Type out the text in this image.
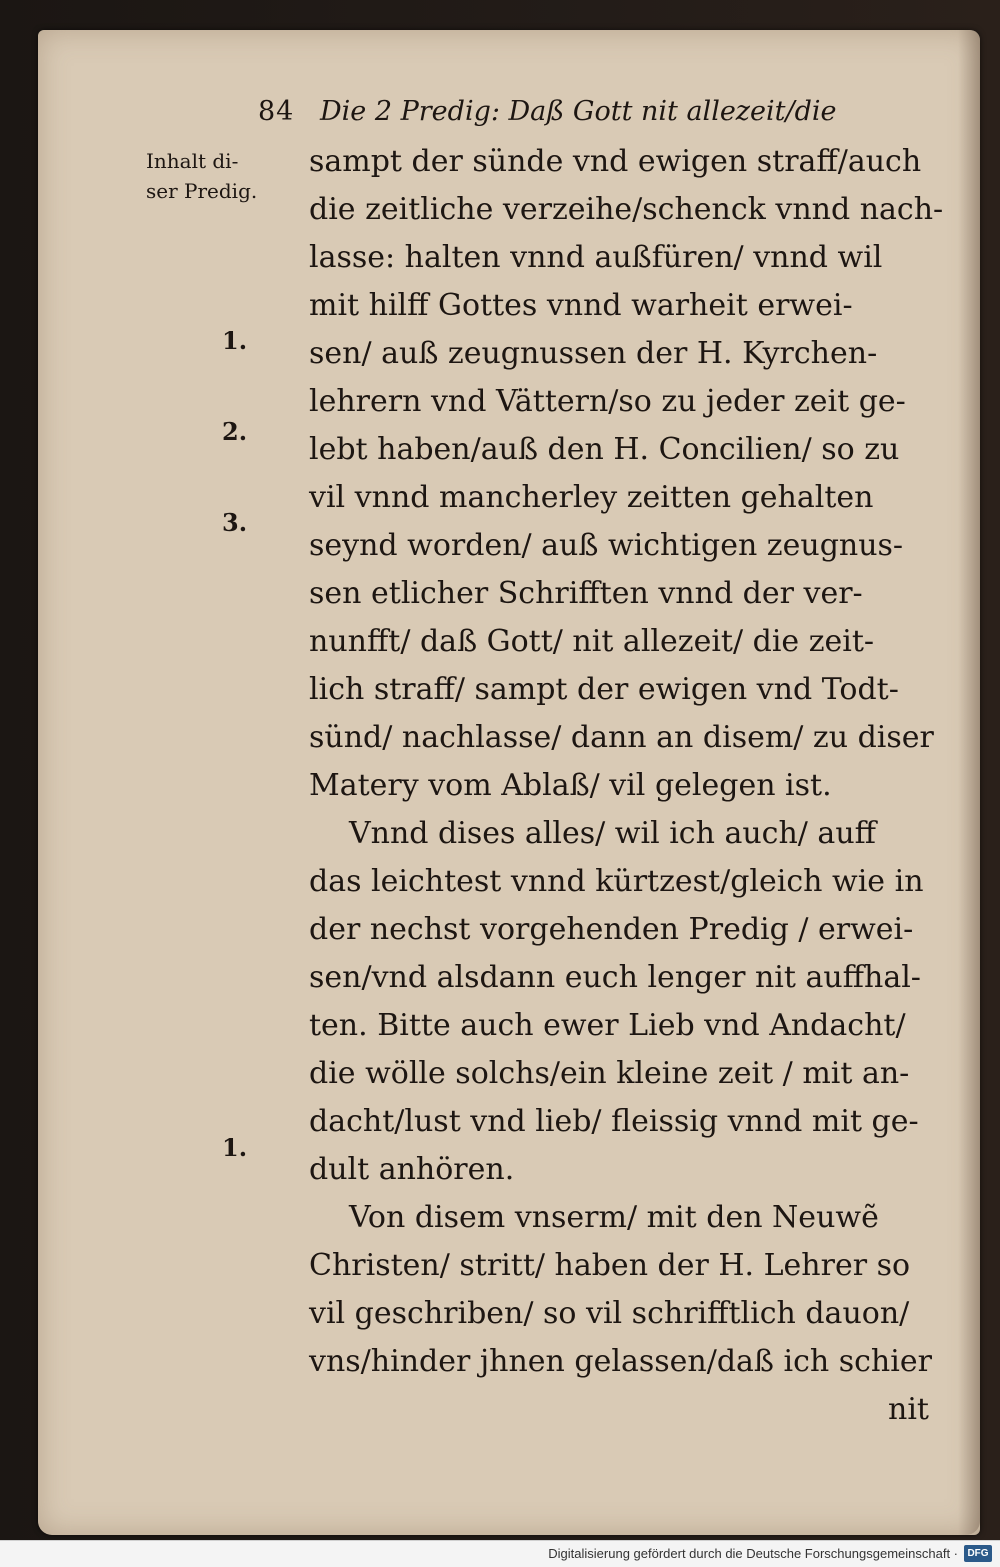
84 Die 2 Predig: Daß Gott nit allezeit/die
Inhalt di-
ser Predig.
1.
2.
3.
1.
sampt der sünde vnd ewigen straff/auch
die zeitliche verzeihe/schenck vnnd nach-
lasse: halten vnnd außfüren/ vnnd wil
mit hilff Gottes vnnd warheit erwei-
sen/ auß zeugnussen der H. Kyrchen-
lehrern vnd Vättern/so zu jeder zeit ge-
lebt haben/auß den H. Concilien/ so zu
vil vnnd mancherley zeitten gehalten
seynd worden/ auß wichtigen zeugnus-
sen etlicher Schrifften vnnd der ver-
nunfft/ daß Gott/ nit allezeit/ die zeit-
lich straff/ sampt der ewigen vnd Todt-
sünd/ nachlasse/ dann an disem/ zu diser
Matery vom Ablaß/ vil gelegen ist.
Vnnd dises alles/ wil ich auch/ auff
das leichtest vnnd kürtzest/gleich wie in
der nechst vorgehenden Predig / erwei-
sen/vnd alsdann euch lenger nit auffhal-
ten. Bitte auch ewer Lieb vnd Andacht/
die wölle solchs/ein kleine zeit / mit an-
dacht/lust vnd lieb/ fleissig vnnd mit ge-
dult anhören.
Von disem vnserm/ mit den Neuwẽ
Christen/ stritt/ haben der H. Lehrer so
vil geschriben/ so vil schrifftlich dauon/
vns/hinder jhnen gelassen/daß ich schier
nit
Digitalisierung gefördert durch die Deutsche Forschungsgemeinschaft · DFG
